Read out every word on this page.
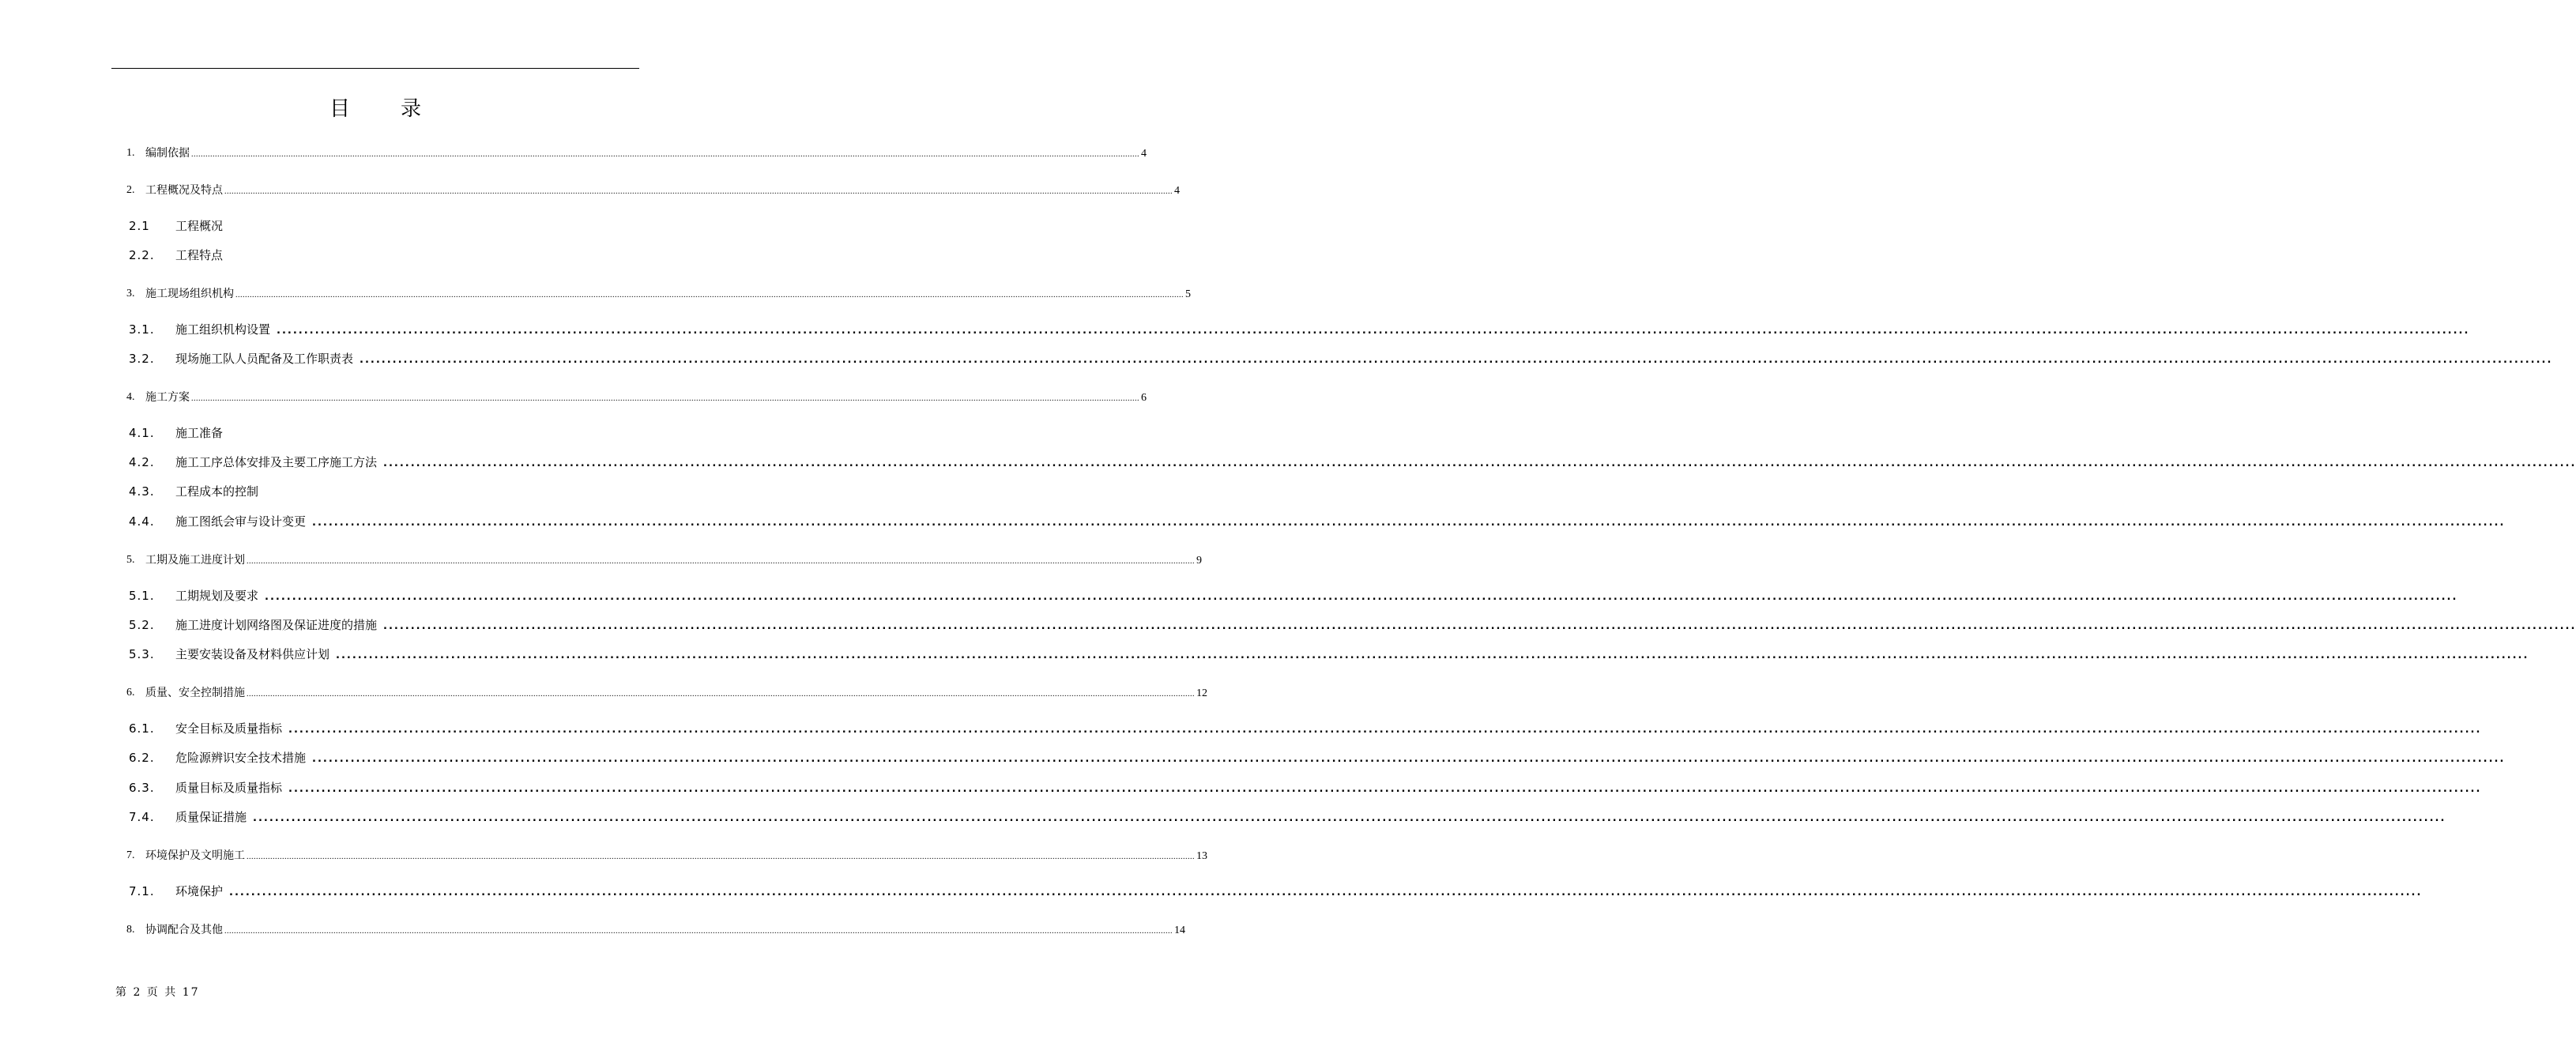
目 录
1. 编制依据 ................................................................................................................................................................................................................................................................................................................................................................................................................ 4
2. 工程概况及特点 ................................................................................................................................................................................................................................................................................................................................................................................................................ 4
2.1 工程概况
2.2. 工程特点
3. 施工现场组织机构 ................................................................................................................................................................................................................................................................................................................................................................................................................ 5
3.1. 施工组织机构设置 ................................................................................................................................................................................................................................................................................................................................................................................................................
3.2. 现场施工队人员配备及工作职责表 ................................................................................................................................................................................................................................................................................................................................................................................................................
4. 施工方案 ................................................................................................................................................................................................................................................................................................................................................................................................................ 6
4.1. 施工准备
4.2. 施工工序总体安排及主要工序施工方法 ................................................................................................................................................................................................................................................................................................................................................................................................................
4.3. 工程成本的控制
4.4. 施工图纸会审与设计变更 ................................................................................................................................................................................................................................................................................................................................................................................................................
5. 工期及施工进度计划 ................................................................................................................................................................................................................................................................................................................................................................................................................ 9
5.1. 工期规划及要求 ................................................................................................................................................................................................................................................................................................................................................................................................................
5.2. 施工进度计划网络图及保证进度的措施 ................................................................................................................................................................................................................................................................................................................................................................................................................
5.3. 主要安装设备及材料供应计划 ................................................................................................................................................................................................................................................................................................................................................................................................................
6. 质量、安全控制措施 ................................................................................................................................................................................................................................................................................................................................................................................................................ 12
6.1. 安全目标及质量指标 ................................................................................................................................................................................................................................................................................................................................................................................................................
6.2. 危险源辨识安全技术措施 ................................................................................................................................................................................................................................................................................................................................................................................................................
6.3. 质量目标及质量指标 ................................................................................................................................................................................................................................................................................................................................................................................................................
7.4. 质量保证措施 ................................................................................................................................................................................................................................................................................................................................................................................................................
7. 环境保护及文明施工 ................................................................................................................................................................................................................................................................................................................................................................................................................ 13
7.1. 环境保护 ................................................................................................................................................................................................................................................................................................................................................................................................................
8. 协调配合及其他 ................................................................................................................................................................................................................................................................................................................................................................................................................ 14
第 2 页 共 17
